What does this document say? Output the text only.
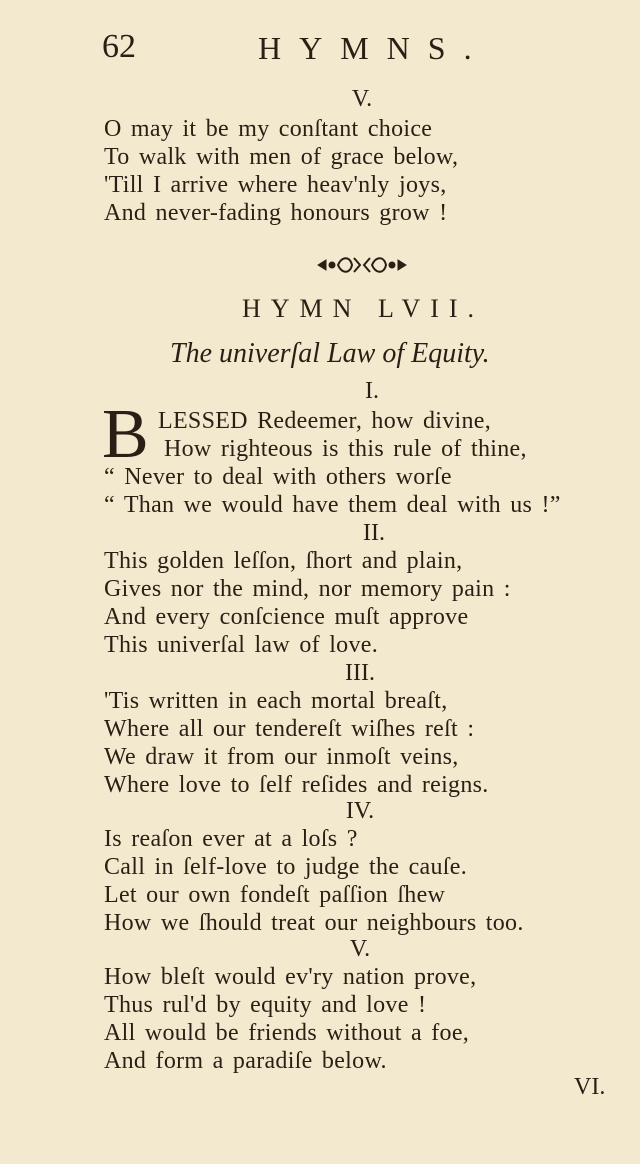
62	HYMNS.
V.
O may it be my conſtant choice
To walk with men of grace below,
'Till I arrive where heav'nly joys,
And never-fading honours grow !
HYMN LVII.
The univerſal Law of Equity.
I.
B LESSED Redeemer, how divine,
How righteous is this rule of thine,
“ Never to deal with others worſe
“ Than we would have them deal with us !”
II.
This golden leſſon, ſhort and plain,
Gives nor the mind, nor memory pain :
And every conſcience muſt approve
This univerſal law of love.
III.
'Tis written in each mortal breaſt,
Where all our tendereſt wiſhes reſt :
We draw it from our inmoſt veins,
Where love to ſelf reſides and reigns.
IV.
Is reaſon ever at a loſs ?
Call in ſelf-love to judge the cauſe.
Let our own fondeſt paſſion ſhew
How we ſhould treat our neighbours too.
V.
How bleſt would ev'ry nation prove,
Thus rul'd by equity and love !
All would be friends without a foe,
And form a paradiſe below.
VI.
